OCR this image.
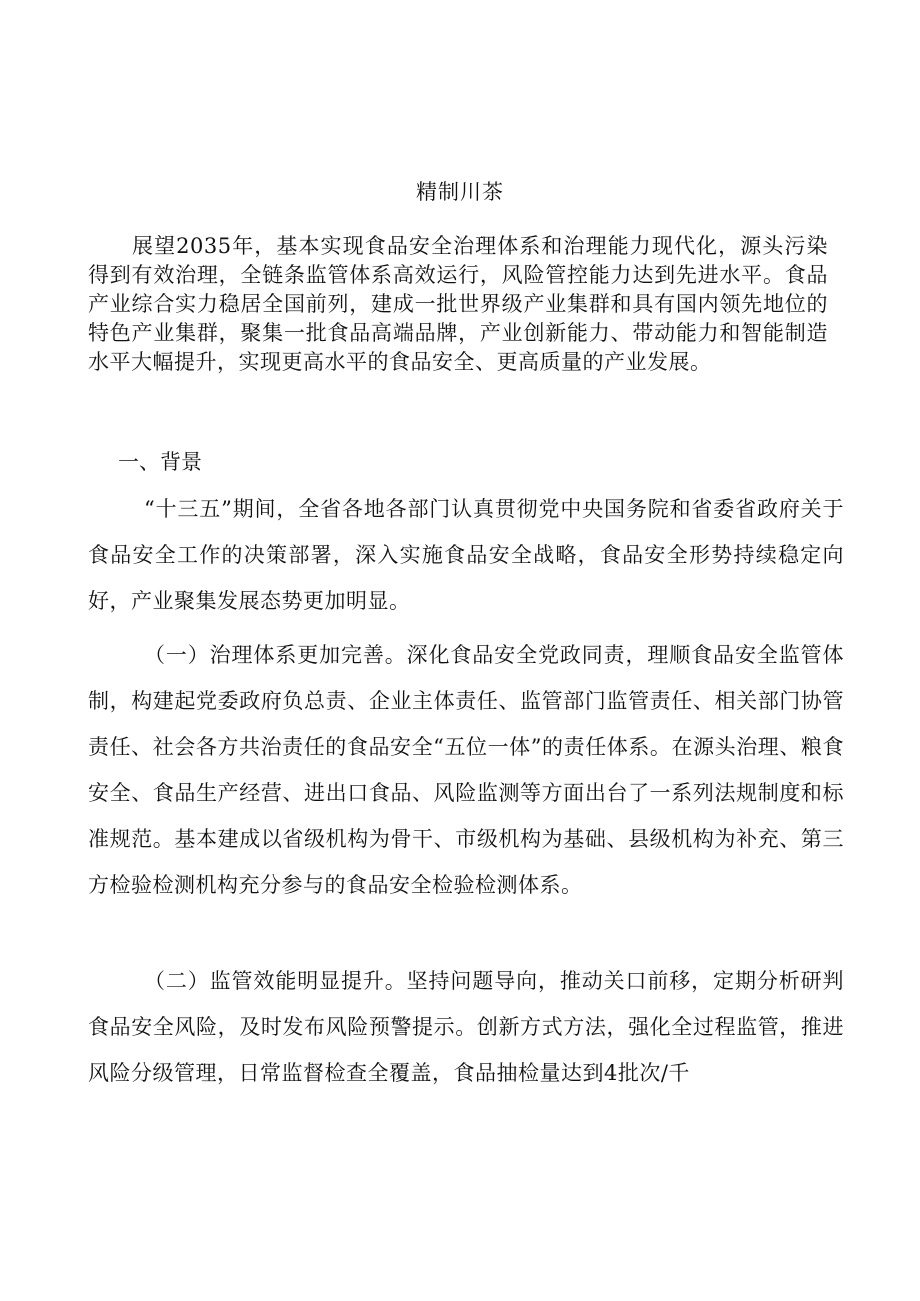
精制川茶

展望2035年，基本实现食品安全治理体系和治理能力现代化，源头污染得到有效治理，全链条监管体系高效运行，风险管控能力达到先进水平。食品产业综合实力稳居全国前列，建成一批世界级产业集群和具有国内领先地位的特色产业集群，聚集一批食品高端品牌，产业创新能力、带动能力和智能制造水平大幅提升，实现更高水平的食品安全、更高质量的产业发展。

一、背景

“十三五”期间，全省各地各部门认真贯彻党中央国务院和省委省政府关于食品安全工作的决策部署，深入实施食品安全战略，食品安全形势持续稳定向好，产业聚集发展态势更加明显。

（一）治理体系更加完善。深化食品安全党政同责，理顺食品安全监管体制，构建起党委政府负总责、企业主体责任、监管部门监管责任、相关部门协管责任、社会各方共治责任的食品安全“五位一体”的责任体系。在源头治理、粮食安全、食品生产经营、进出口食品、风险监测等方面出台了一系列法规制度和标准规范。基本建成以省级机构为骨干、市级机构为基础、县级机构为补充、第三方检验检测机构充分参与的食品安全检验检测体系。

（二）监管效能明显提升。坚持问题导向，推动关口前移，定期分析研判食品安全风险，及时发布风险预警提示。创新方式方法，强化全过程监管，推进风险分级管理，日常监督检查全覆盖，食品抽检量达到4批次/千
